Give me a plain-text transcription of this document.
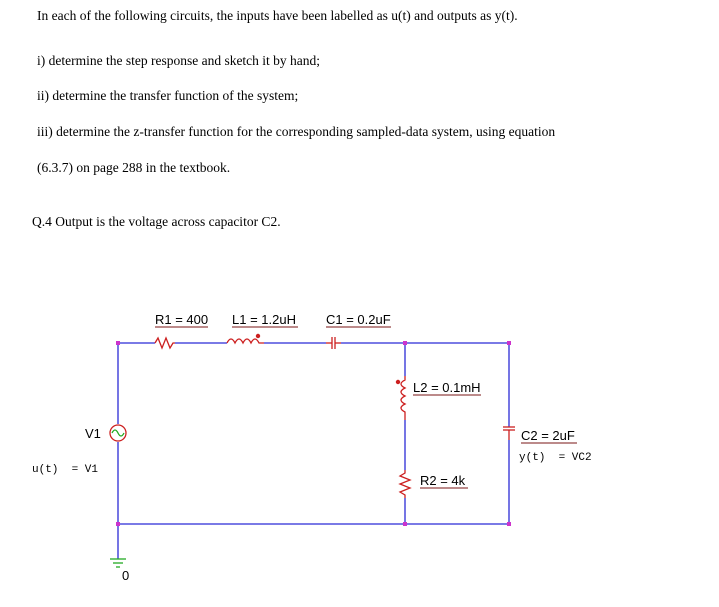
In each of the following circuits, the inputs have been labelled as u(t) and outputs as y(t).
i) determine the step response and sketch it by hand;
ii) determine the transfer function of the system;
iii) determine the z-transfer function for the corresponding sampled-data system, using equation
(6.3.7) on page 288 in the textbook.
Q.4 Output is the voltage across capacitor C2.
R1 = 400 L1 = 1.2uH C1 = 0.2uF
L2 = 0.1mH
C2 = 2uF
R2 = 4k
V1
u(t)  = V1
y(t)  = VC2
0
